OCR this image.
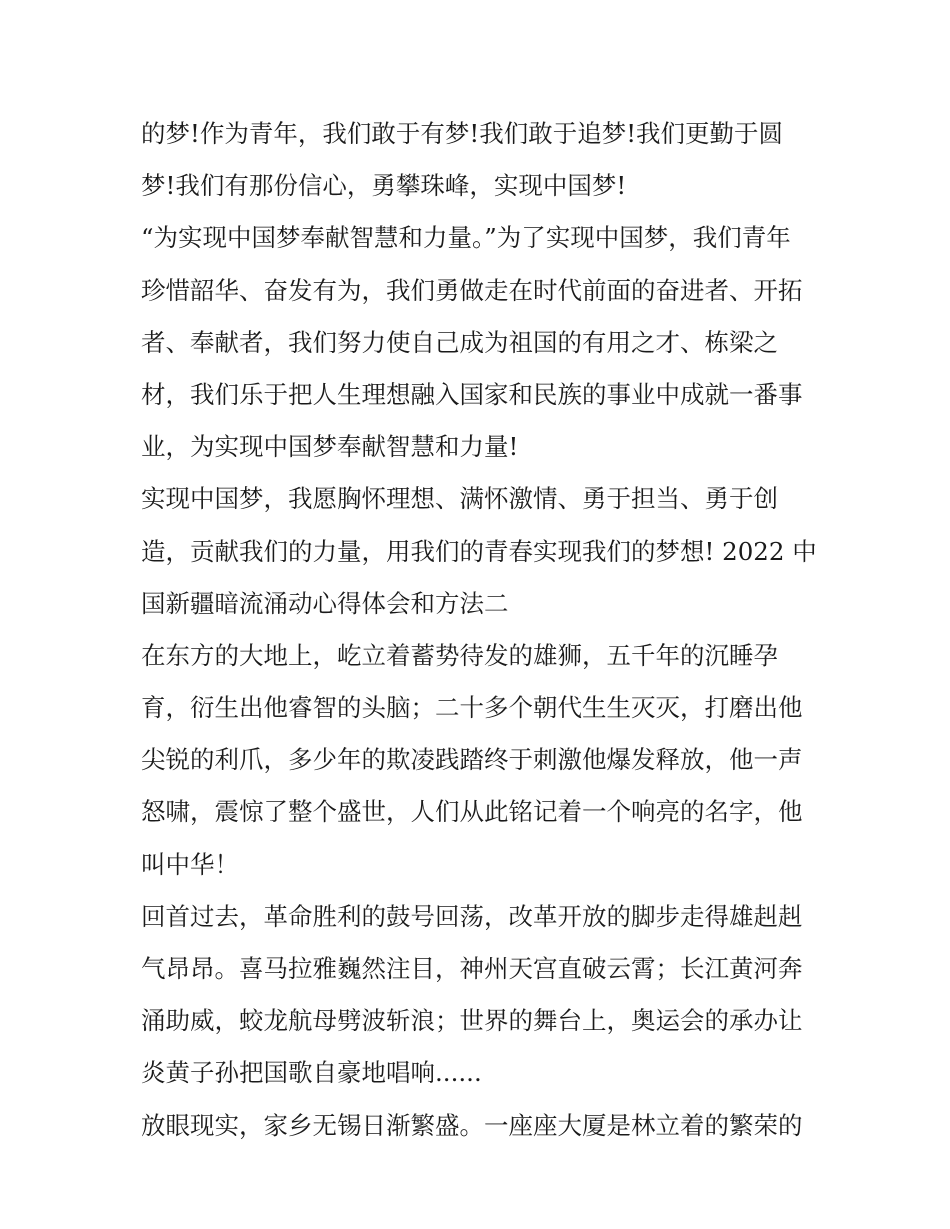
的梦!作为青年，我们敢于有梦!我们敢于追梦!我们更勤于圆
梦!我们有那份信心，勇攀珠峰，实现中国梦!
“为实现中国梦奉献智慧和力量。”为了实现中国梦，我们青年
珍惜韶华、奋发有为，我们勇做走在时代前面的奋进者、开拓
者、奉献者，我们努力使自己成为祖国的有用之才、栋梁之
材，我们乐于把人生理想融入国家和民族的事业中成就一番事
业，为实现中国梦奉献智慧和力量!
实现中国梦，我愿胸怀理想、满怀激情、勇于担当、勇于创
造，贡献我们的力量，用我们的青春实现我们的梦想! 2022 中
国新疆暗流涌动心得体会和方法二
在东方的大地上，屹立着蓄势待发的雄狮，五千年的沉睡孕
育，衍生出他睿智的头脑；二十多个朝代生生灭灭，打磨出他
尖锐的利爪，多少年的欺凌践踏终于刺激他爆发释放，他一声
怒啸，震惊了整个盛世，人们从此铭记着一个响亮的名字，他
叫中华！
回首过去，革命胜利的鼓号回荡，改革开放的脚步走得雄赳赳
气昂昂。喜马拉雅巍然注目，神州天宫直破云霄；长江黄河奔
涌助威，蛟龙航母劈波斩浪；世界的舞台上，奥运会的承办让
炎黄子孙把国歌自豪地唱响......
放眼现实，家乡无锡日渐繁盛。一座座大厦是林立着的繁荣的
